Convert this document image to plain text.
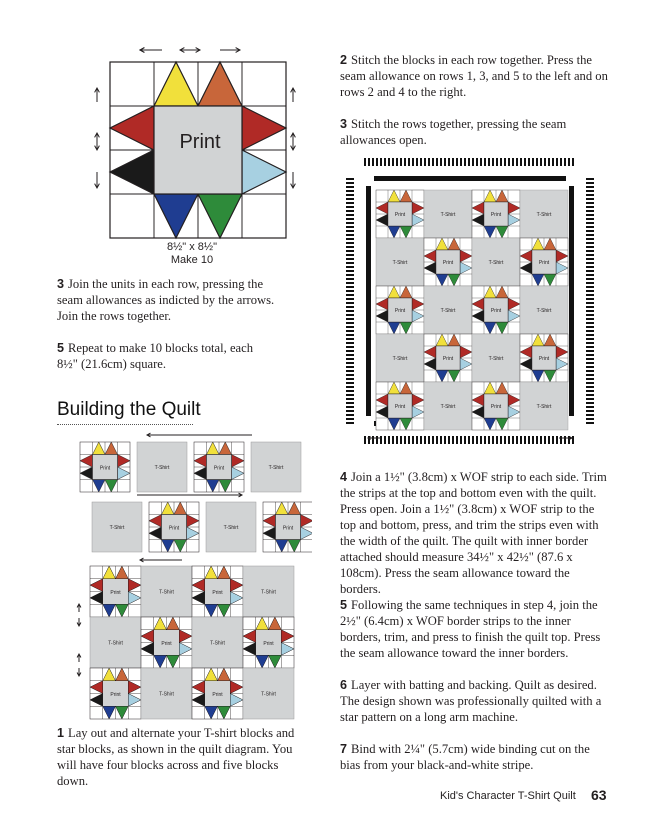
Print
8½" x 8½"
Make 10
3 Join the units in each row, pressing the seam allowances as indicted by the arrows. Join the rows together.
5 Repeat to make 10 blocks total, each 8½" (21.6cm) square.
Building the Quilt
Print	T-Shirt	Print	T-Shirt
T-Shirt	Print	T-Shirt	Print
Print	T-Shirt	Print	T-Shirt
T-Shirt	Print	T-Shirt	Print
Print	T-Shirt	Print	T-Shirt
1 Lay out and alternate your T-shirt blocks and star blocks, as shown in the quilt diagram. You will have four blocks across and five blocks down.
2 Stitch the blocks in each row together. Press the seam allowance on rows 1, 3, and 5 to the left and on rows 2 and 4 to the right.
3 Stitch the rows together, pressing the seam allowances open.
Print	T-Shirt	Print	T-Shirt
T-Shirt	Print	T-Shirt	Print
Print	T-Shirt	Print	T-Shirt
T-Shirt	Print	T-Shirt	Print
Print	T-Shirt	Print	T-Shirt
4 Join a 1½" (3.8cm) x WOF strip to each side. Trim the strips at the top and bottom even with the quilt. Press open. Join a 1½" (3.8cm) x WOF strip to the top and bottom, press, and trim the strips even with the width of the quilt. The quilt with inner border attached should measure 34½" x 42½" (87.6 x 108cm). Press the seam allowance toward the borders.
5 Following the same techniques in step 4, join the 2½" (6.4cm) x WOF border strips to the inner borders, trim, and press to finish the quilt top. Press the seam allowance toward the inner borders.
6 Layer with batting and backing. Quilt as desired. The design shown was professionally quilted with a star pattern on a long arm machine.
7 Bind with 2¼" (5.7cm) wide binding cut on the bias from your black-and-white stripe.
Kid's Character T-Shirt Quilt 63
